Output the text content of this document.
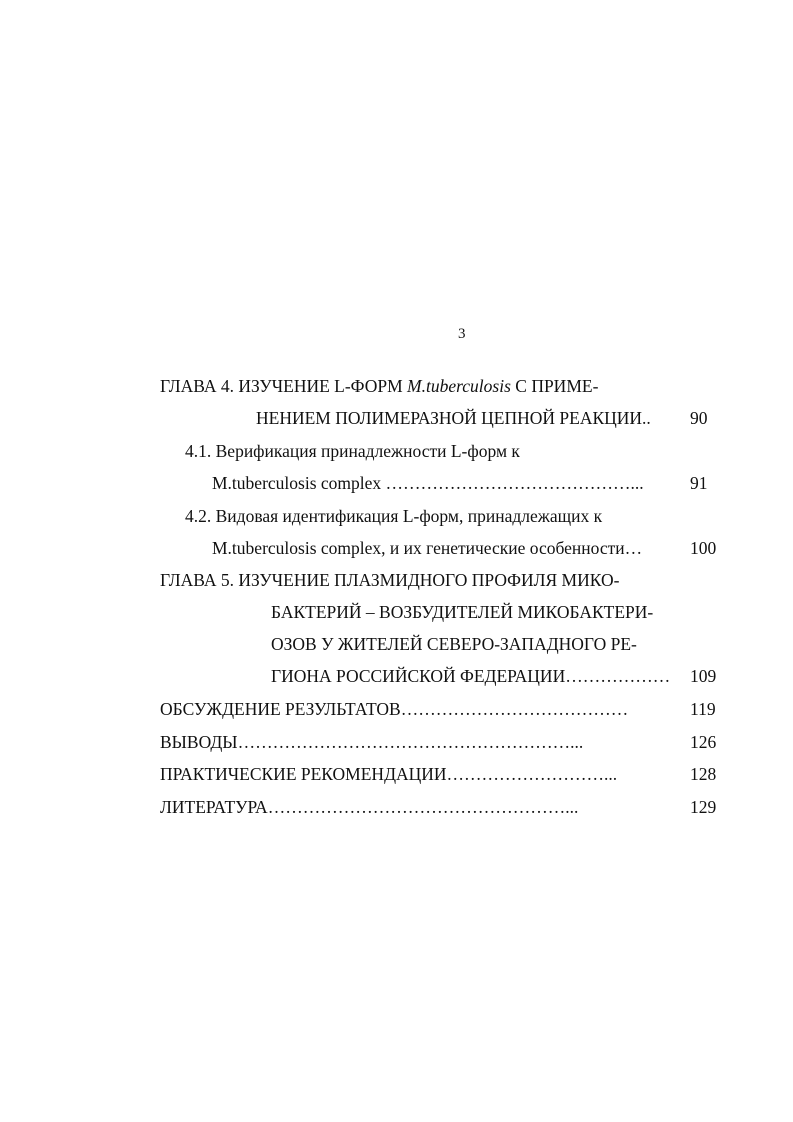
3
ГЛАВА 4. ИЗУЧЕНИЕ L-ФОРМ M.tuberculosis С ПРИМЕ-
НЕНИЕМ ПОЛИМЕРАЗНОЙ ЦЕПНОЙ РЕАКЦИИ.. 90
4.1. Верификация принадлежности L-форм к
M.tuberculosis complex ……………………………………...	91
4.2. Видовая идентификация L-форм, принадлежащих к
M.tuberculosis complex, и их генетические особенности…	100
ГЛАВА 5. ИЗУЧЕНИЕ ПЛАЗМИДНОГО ПРОФИЛЯ МИКО-
БАКТЕРИЙ – ВОЗБУДИТЕЛЕЙ МИКОБАКТЕРИ-
ОЗОВ У ЖИТЕЛЕЙ СЕВЕРО-ЗАПАДНОГО РЕ-
ГИОНА РОССИЙСКОЙ ФЕДЕРАЦИИ……………… 109
ОБСУЖДЕНИЕ РЕЗУЛЬТАТОВ…………………………………	119
ВЫВОДЫ…………………………………………………...	126
ПРАКТИЧЕСКИЕ РЕКОМЕНДАЦИИ………………………...	128
ЛИТЕРАТУРА……………………………………………...	129
